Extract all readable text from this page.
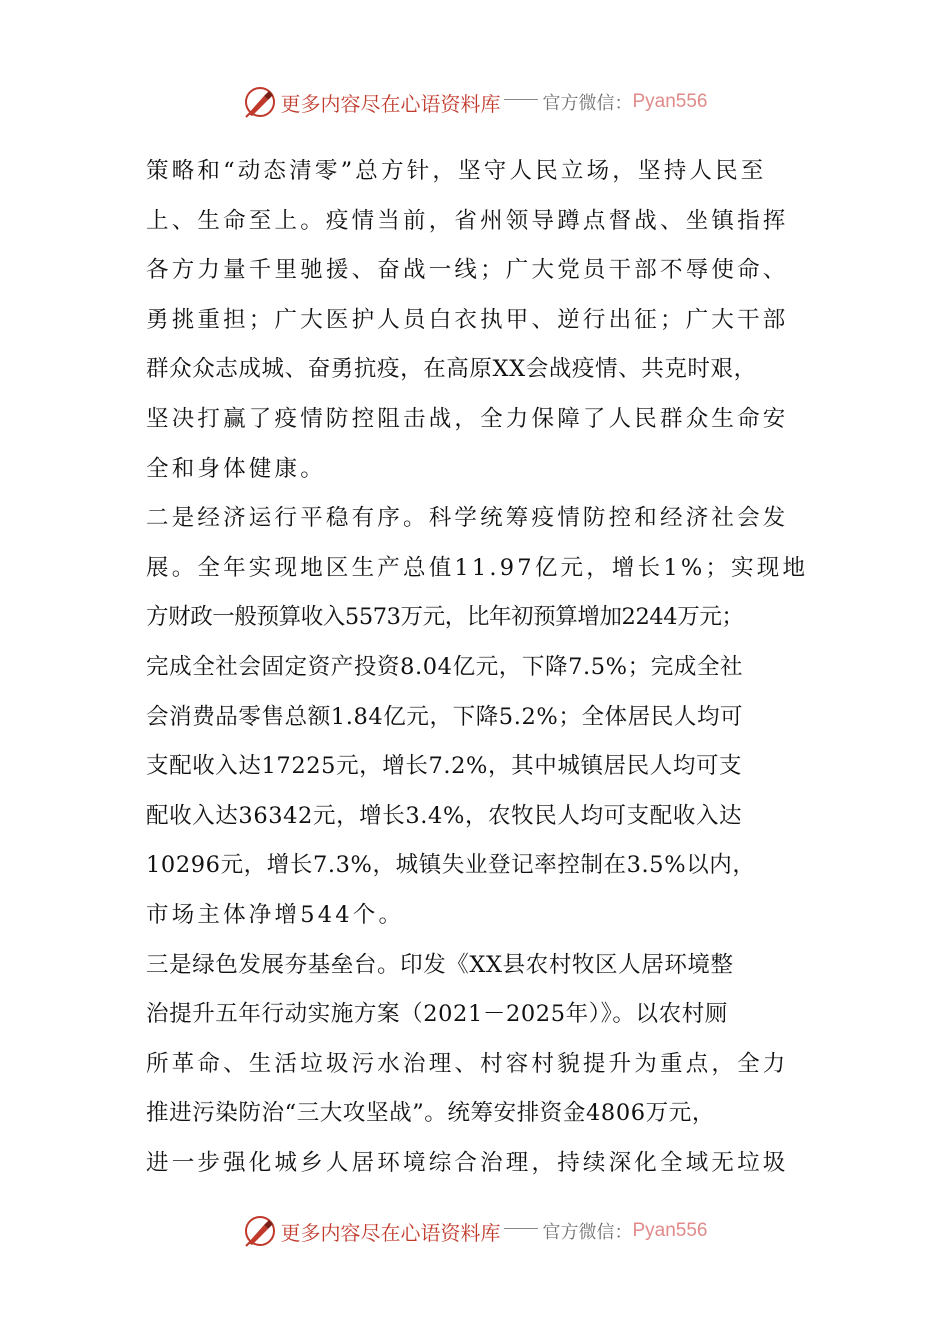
更多内容尽在心语资料库 官方微信： Pyan556
策略和“动态清零”总方针，坚守人民立场，坚持人民至
上、生命至上。疫情当前，省州领导蹲点督战、坐镇指挥
各方力量千里驰援、奋战一线；广大党员干部不辱使命、
勇挑重担；广大医护人员白衣执甲、逆行出征；广大干部
群众众志成城、奋勇抗疫，在高原XX会战疫情、共克时艰，
坚决打赢了疫情防控阻击战，全力保障了人民群众生命安
全和身体健康。
二是经济运行平稳有序。科学统筹疫情防控和经济社会发
展。全年实现地区生产总值11.97亿元，增长1%；实现地
方财政一般预算收入5573万元，比年初预算增加2244万元；
完成全社会固定资产投资8.04亿元，下降7.5%；完成全社
会消费品零售总额1.84亿元，下降5.2%；全体居民人均可
支配收入达17225元，增长7.2%，其中城镇居民人均可支
配收入达36342元，增长3.4%，农牧民人均可支配收入达
10296元，增长7.3%，城镇失业登记率控制在3.5%以内，
市场主体净增544个。
三是绿色发展夯基垒台。印发《XX县农村牧区人居环境整
治提升五年行动实施方案（2021－2025年）》。以农村厕
所革命、生活垃圾污水治理、村容村貌提升为重点，全力
推进污染防治“三大攻坚战”。统筹安排资金4806万元，
进一步强化城乡人居环境综合治理，持续深化全域无垃圾
更多内容尽在心语资料库 官方微信： Pyan556
